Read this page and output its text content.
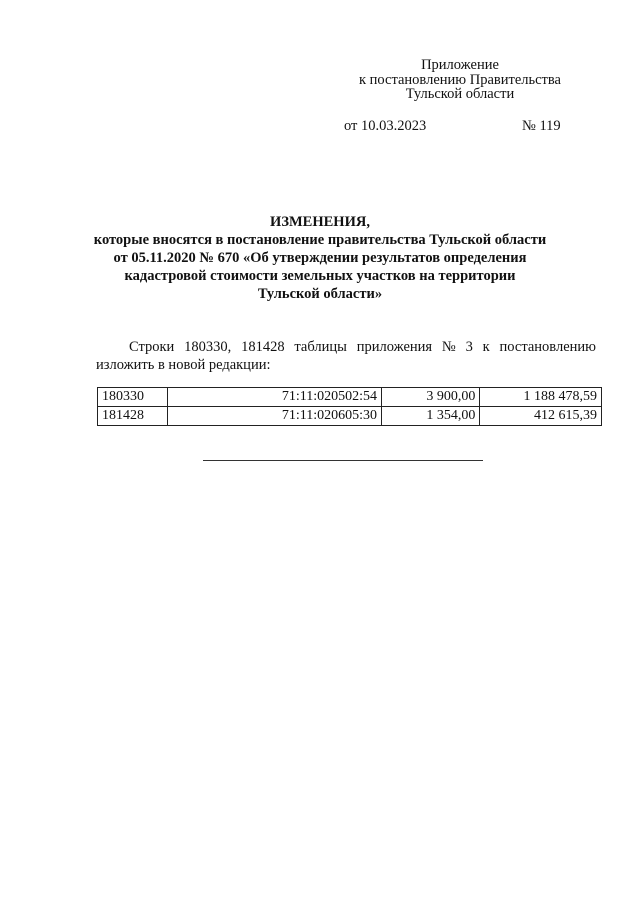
Приложение
к постановлению Правительства
Тульской области
от 10.03.2023	№ 119
ИЗМЕНЕНИЯ,
которые вносятся в постановление правительства Тульской области
от 05.11.2020 № 670 «Об утверждении результатов определения
кадастровой стоимости земельных участков на территории
Тульской области»
Строки 180330, 181428 таблицы приложения № 3 к постановлению
изложить в новой редакции:
180330	71:11:020502:54	3 900,00	1 188 478,59
181428	71:11:020605:30	1 354,00	412 615,39
